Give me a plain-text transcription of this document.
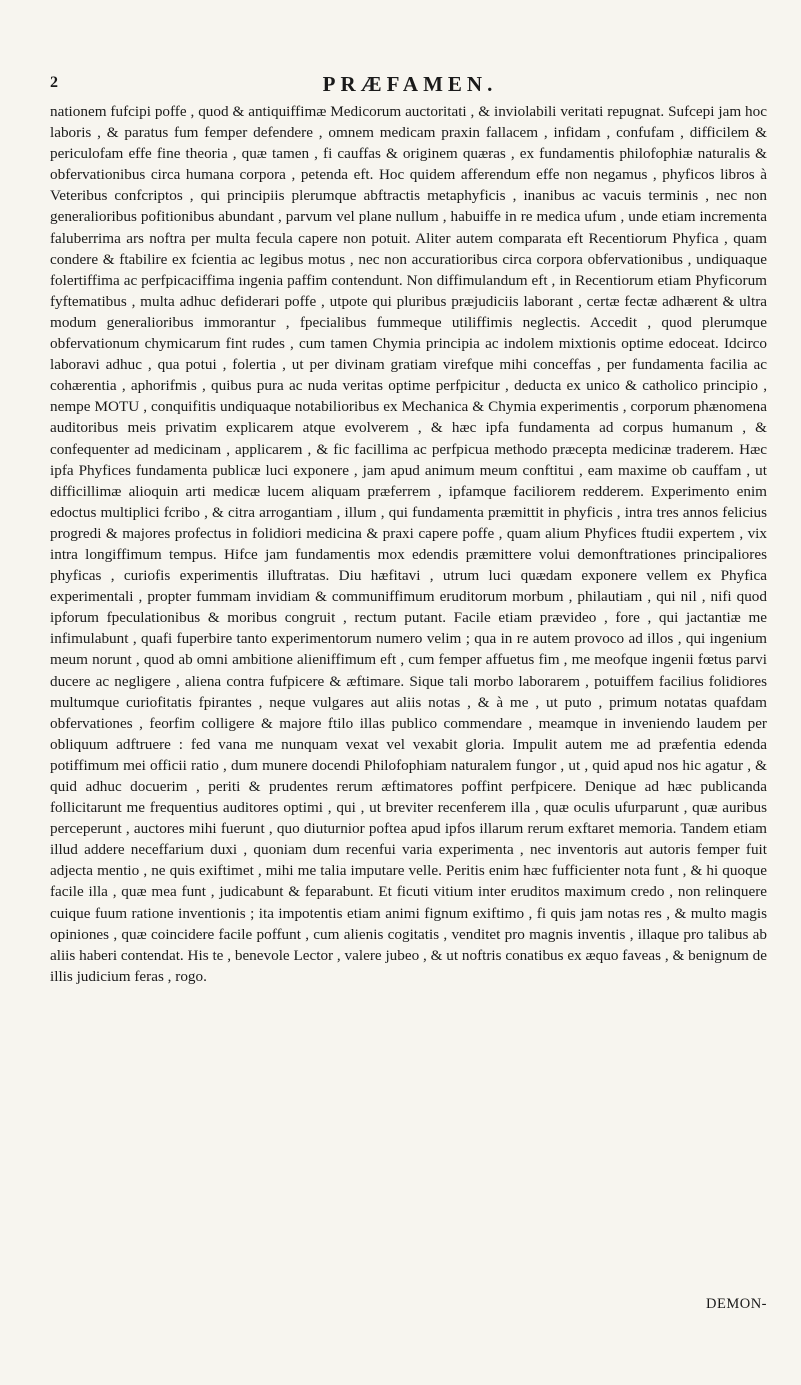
2	PRÆFAMEN.
nationem fufcipi poffe , quod & antiquiffimæ Medicorum auctoritati , & inviolabili veritati repugnat. Sufcepi jam hoc laboris , & paratus fum femper defendere , omnem medicam praxin fallacem , infidam , confufam , difficilem & periculofam effe fine theoria , quæ tamen , fi cauffas & originem quæras , ex fundamentis philofophiæ naturalis & obfervationibus circa humana corpora , petenda eft. Hoc quidem afferendum effe non negamus , phyficos libros à Veteribus confcriptos , qui principiis plerumque abftractis metaphyficis , inanibus ac vacuis terminis , nec non generalioribus pofitionibus abundant , parvum vel plane nullum , habuiffe in re medica ufum , unde etiam incrementa faluberrima ars noftra per multa fecula capere non potuit. Aliter autem comparata eft Recentiorum Phyfica , quam condere & ftabilire ex fcientia ac legibus motus , nec non accuratioribus circa corpora obfervationibus , undiquaque folertiffima ac perfpicaciffima ingenia paffim contendunt. Non diffimulandum eft , in Recentiorum etiam Phyficorum fyftematibus , multa adhuc defiderari poffe , utpote qui pluribus præjudiciis laborant , certæ fectæ adhærent & ultra modum generalioribus immorantur , fpecialibus fummeque utiliffimis neglectis. Accedit , quod plerumque obfervationum chymicarum fint rudes , cum tamen Chymia principia ac indolem mixtionis optime edoceat. Idcirco laboravi adhuc , qua potui , folertia , ut per divinam gratiam virefque mihi conceffas , per fundamenta facilia ac cohærentia , aphorifmis , quibus pura ac nuda veritas optime perfpicitur , deducta ex unico & catholico principio , nempe MOTU , conquifitis undiquaque notabilioribus ex Mechanica & Chymia experimentis , corporum phænomena auditoribus meis privatim explicarem atque evolverem , & hæc ipfa fundamenta ad corpus humanum , & confequenter ad medicinam , applicarem , & fic facillima ac perfpicua methodo præcepta medicinæ traderem. Hæc ipfa Phyfices fundamenta publicæ luci exponere , jam apud animum meum conftitui , eam maxime ob cauffam , ut difficillimæ alioquin arti medicæ lucem aliquam præferrem , ipfamque faciliorem redderem. Experimento enim edoctus multiplici fcribo , & citra arrogantiam , illum , qui fundamenta præmittit in phyficis , intra tres annos felicius progredi & majores profectus in folidiori medicina & praxi capere poffe , quam alium Phyfices ftudii expertem , vix intra longiffimum tempus. Hifce jam fundamentis mox edendis præmittere volui demonftrationes principaliores phyficas , curiofis experimentis illuftratas. Diu hæfitavi , utrum luci quædam exponere vellem ex Phyfica experimentali , propter fummam invidiam & communiffimum eruditorum morbum , philautiam , qui nil , nifi quod ipforum fpeculationibus & moribus congruit , rectum putant. Facile etiam prævideo , fore , qui jactantiæ me infimulabunt , quafi fuperbire tanto experimentorum numero velim ; qua in re autem provoco ad illos , qui ingenium meum norunt , quod ab omni ambitione alieniffimum eft , cum femper affuetus fim , me meofque ingenii fœtus parvi ducere ac negligere , aliena contra fufpicere & æftimare. Sique tali morbo laborarem , potuiffem facilius folidiores multumque curiofitatis fpirantes , neque vulgares aut aliis notas , & à me , ut puto , primum notatas quafdam obfervationes , feorfim colligere & majore ftilo illas publico commendare , meamque in inveniendo laudem per obliquum adftruere : fed vana me nunquam vexat vel vexabit gloria. Impulit autem me ad præfentia edenda potiffimum mei officii ratio , dum munere docendi Philofophiam naturalem fungor , ut , quid apud nos hic agatur , & quid adhuc docuerim , periti & prudentes rerum æftimatores poffint perfpicere. Denique ad hæc publicanda follicitarunt me frequentius auditores optimi , qui , ut breviter recenferem illa , quæ oculis ufurparunt , quæ auribus perceperunt , auctores mihi fuerunt , quo diuturnior poftea apud ipfos illarum rerum exftaret memoria. Tandem etiam illud addere neceffarium duxi , quoniam dum recenfui varia experimenta , nec inventoris aut autoris femper fuit adjecta mentio , ne quis exiftimet , mihi me talia imputare velle. Peritis enim hæc fufficienter nota funt , & hi quoque facile illa , quæ mea funt , judicabunt & feparabunt. Et ficuti vitium inter eruditos maximum credo , non relinquere cuique fuum ratione inventionis ; ita impotentis etiam animi fignum exiftimo , fi quis jam notas res , & multo magis opiniones , quæ coincidere facile poffunt , cum alienis cogitatis , venditet pro magnis inventis , illaque pro talibus ab aliis haberi contendat. His te , benevole Lector , valere jubeo , & ut noftris conatibus ex æquo faveas , & benignum de illis judicium feras , rogo.
DEMON-
